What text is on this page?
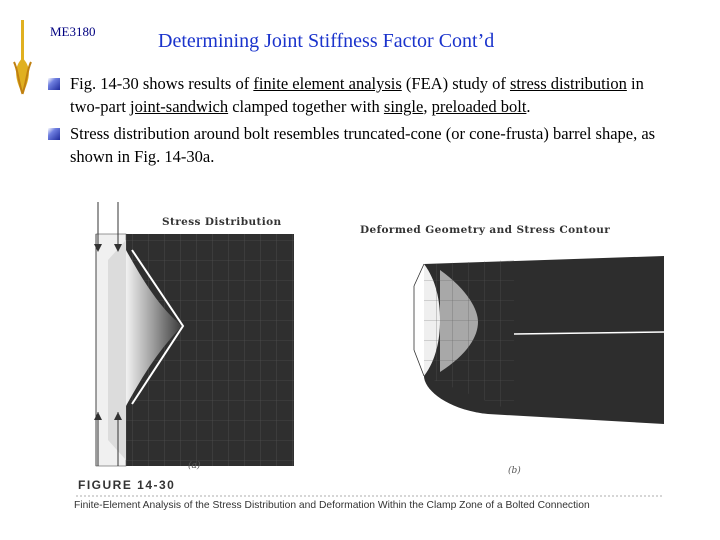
ME3180	Determining Joint Stiffness Factor Cont’d
Fig. 14-30 shows results of finite element analysis (FEA) study of stress distribution in two-part joint-sandwich clamped together with single, preloaded bolt.
Stress distribution around bolt resembles truncated-cone (or cone-frusta) barrel shape, as shown in Fig. 14-30a.
Stress Distribution
Deformed Geometry and Stress Contour
(a)	(b)
FIGURE 14-30
Finite-Element Analysis of the Stress Distribution and Deformation Within the Clamp Zone of a Bolted Connection
